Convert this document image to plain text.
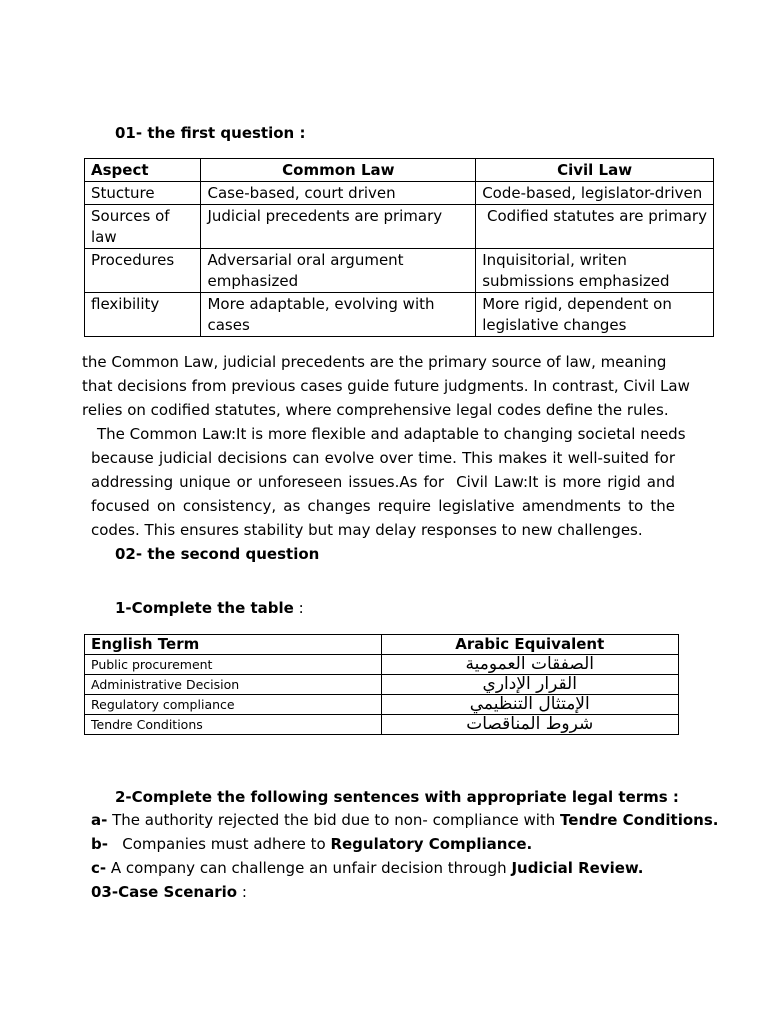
01- the first question :
Aspect	Common Law	Civil Law
Stucture	Case-based, court driven	Code-based, legislator-driven
Sources of law	Judicial precedents are primary	Codified statutes are primary
Procedures	Adversarial oral argument emphasized	Inquisitorial, writen submissions emphasized
flexibility	More adaptable, evolving with cases	More rigid, dependent on legislative changes
the Common Law, judicial precedents are the primary source of law, meaning
that decisions from previous cases guide future judgments. In contrast, Civil Law
relies on codified statutes, where comprehensive legal codes define the rules.
The Common Law:It is more flexible and adaptable to changing societal needs
because judicial decisions can evolve over time. This makes it well-suited for
addressing unique or unforeseen issues.As for  Civil Law:It is more rigid and
focused on consistency, as changes require legislative amendments to the
codes. This ensures stability but may delay responses to new challenges.
02- the second question
1-Complete the table :
English Term	Arabic Equivalent
Public procurement	الصفقات العمومية
Administrative Decision	القرار الإداري
Regulatory compliance	الإمتثال التنظيمي
Tendre Conditions	شروط المناقصات
2-Complete the following sentences with appropriate legal terms :
a- The authority rejected the bid due to non- compliance with Tendre Conditions.
b-   Companies must adhere to Regulatory Compliance.
c- A company can challenge an unfair decision through Judicial Review.
03-Case Scenario :
